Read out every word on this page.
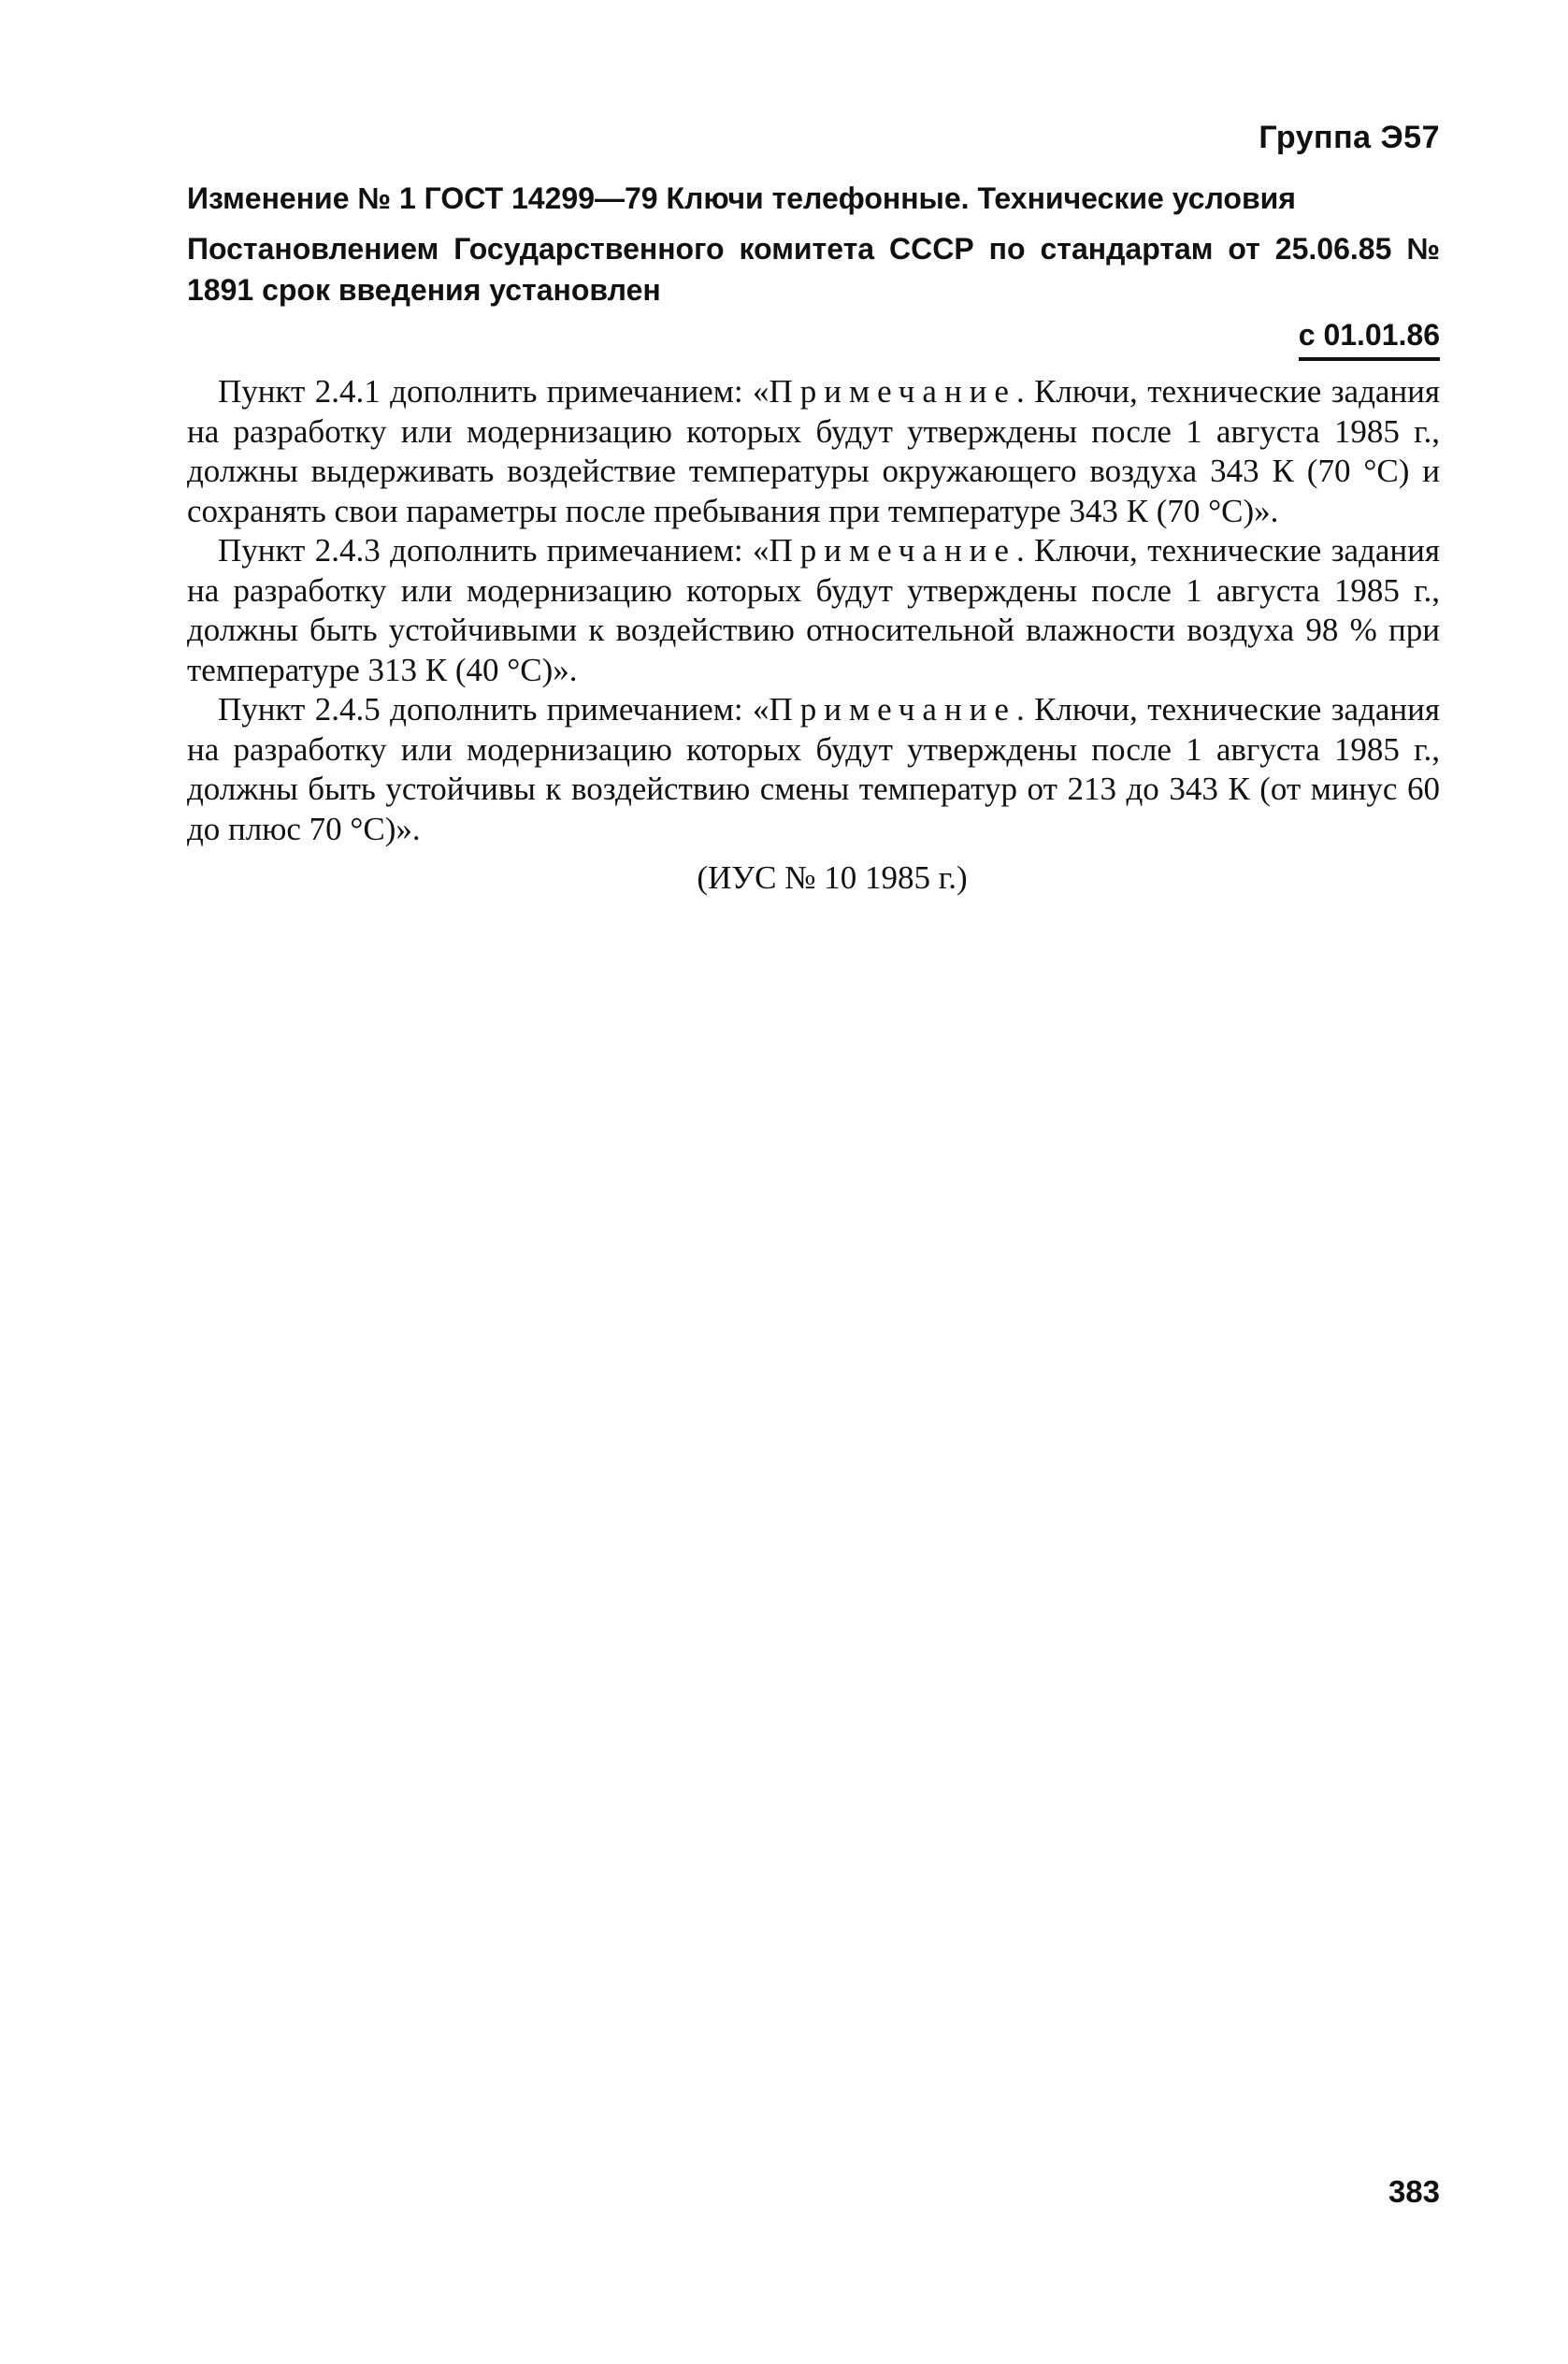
Группа Э57

Изменение № 1 ГОСТ 14299—79 Ключи телефонные. Технические условия

Постановлением Государственного комитета СССР по стандартам от 25.06.85 № 1891 срок введения установлен

с 01.01.86

Пункт 2.4.1 дополнить примечанием: «Примечание. Ключи, технические задания на разработку или модернизацию которых будут утверждены после 1 августа 1985 г., должны выдерживать воздействие температуры окружающего воздуха 343 К (70 °С) и сохранять свои параметры после пребывания при температуре 343 К (70 °С)».

Пункт 2.4.3 дополнить примечанием: «Примечание. Ключи, технические задания на разработку или модернизацию которых будут утверждены после 1 августа 1985 г., должны быть устойчивыми к воздействию относительной влажности воздуха 98 % при температуре 313 К (40 °С)».

Пункт 2.4.5 дополнить примечанием: «Примечание. Ключи, технические задания на разработку или модернизацию которых будут утверждены после 1 августа 1985 г., должны быть устойчивы к воздействию смены температур от 213 до 343 К (от минус 60 до плюс 70 °С)».

(ИУС № 10 1985 г.)

383
